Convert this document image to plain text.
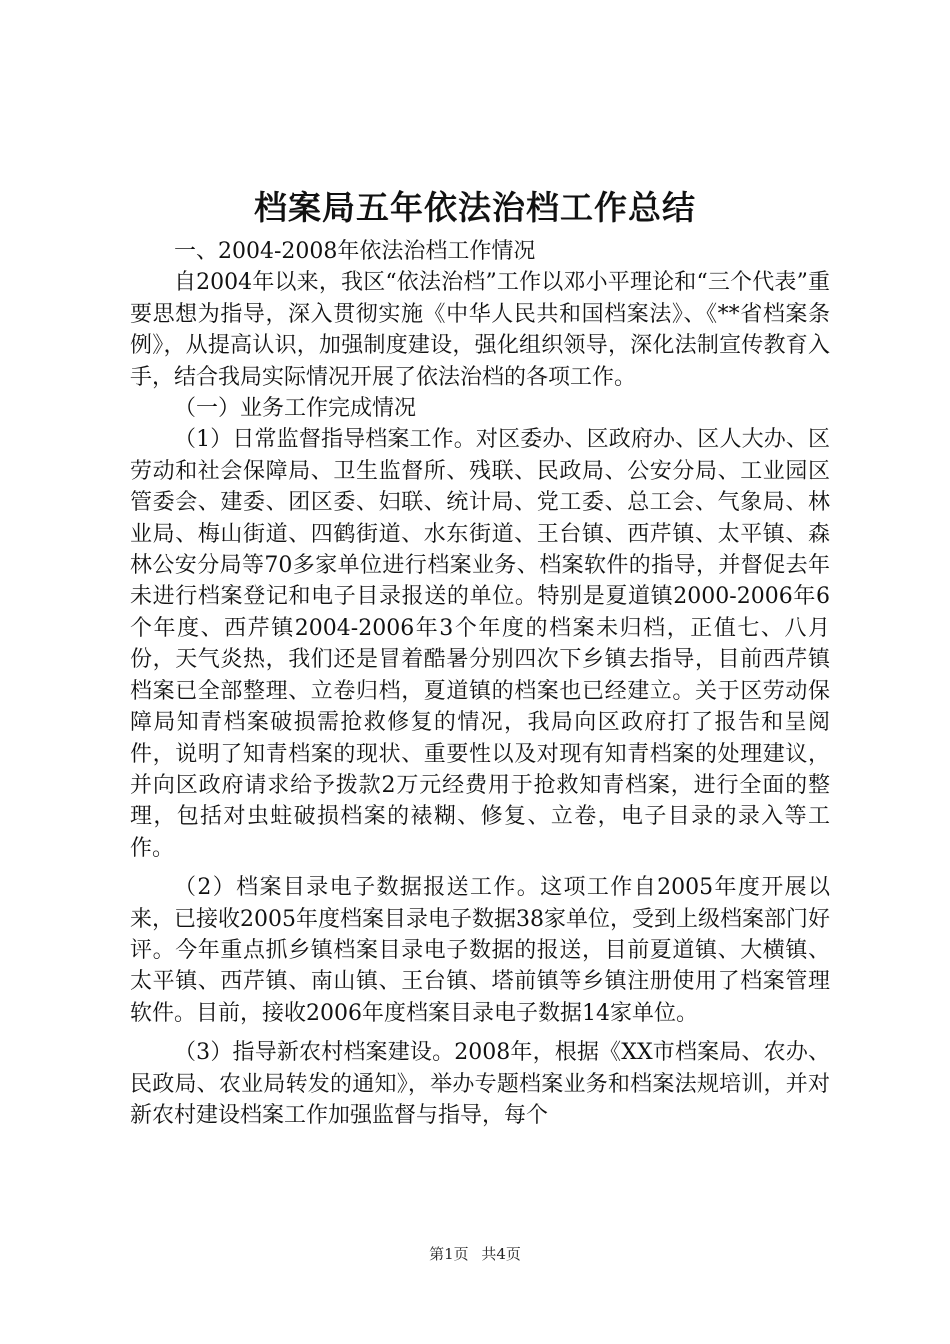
档案局五年依法治档工作总结

一、2004-2008年依法治档工作情况

自2004年以来，我区“依法治档”工作以邓小平理论和“三个代表”重要思想为指导，深入贯彻实施《中华人民共和国档案法》、《**省档案条例》，从提高认识，加强制度建设，强化组织领导，深化法制宣传教育入手，结合我局实际情况开展了依法治档的各项工作。

（一）业务工作完成情况

（1）日常监督指导档案工作。对区委办、区政府办、区人大办、区劳动和社会保障局、卫生监督所、残联、民政局、公安分局、工业园区管委会、建委、团区委、妇联、统计局、党工委、总工会、气象局、林业局、梅山街道、四鹤街道、水东街道、王台镇、西芹镇、太平镇、森林公安分局等70多家单位进行档案业务、档案软件的指导，并督促去年未进行档案登记和电子目录报送的单位。特别是夏道镇2000-2006年6个年度、西芹镇2004-2006年3个年度的档案未归档，正值七、八月份，天气炎热，我们还是冒着酷暑分别四次下乡镇去指导，目前西芹镇档案已全部整理、立卷归档，夏道镇的档案也已经建立。关于区劳动保障局知青档案破损需抢救修复的情况，我局向区政府打了报告和呈阅件，说明了知青档案的现状、重要性以及对现有知青档案的处理建议，并向区政府请求给予拨款2万元经费用于抢救知青档案，进行全面的整理，包括对虫蛀破损档案的裱糊、修复、立卷，电子目录的录入等工作。

（2）档案目录电子数据报送工作。这项工作自2005年度开展以来，已接收2005年度档案目录电子数据38家单位，受到上级档案部门好评。今年重点抓乡镇档案目录电子数据的报送，目前夏道镇、大横镇、太平镇、西芹镇、南山镇、王台镇、塔前镇等乡镇注册使用了档案管理软件。目前，接收2006年度档案目录电子数据14家单位。

（3）指导新农村档案建设。2008年，根据《XX市档案局、农办、民政局、农业局转发的通知》，举办专题档案业务和档案法规培训，并对新农村建设档案工作加强监督与指导，每个

第1页 共4页
